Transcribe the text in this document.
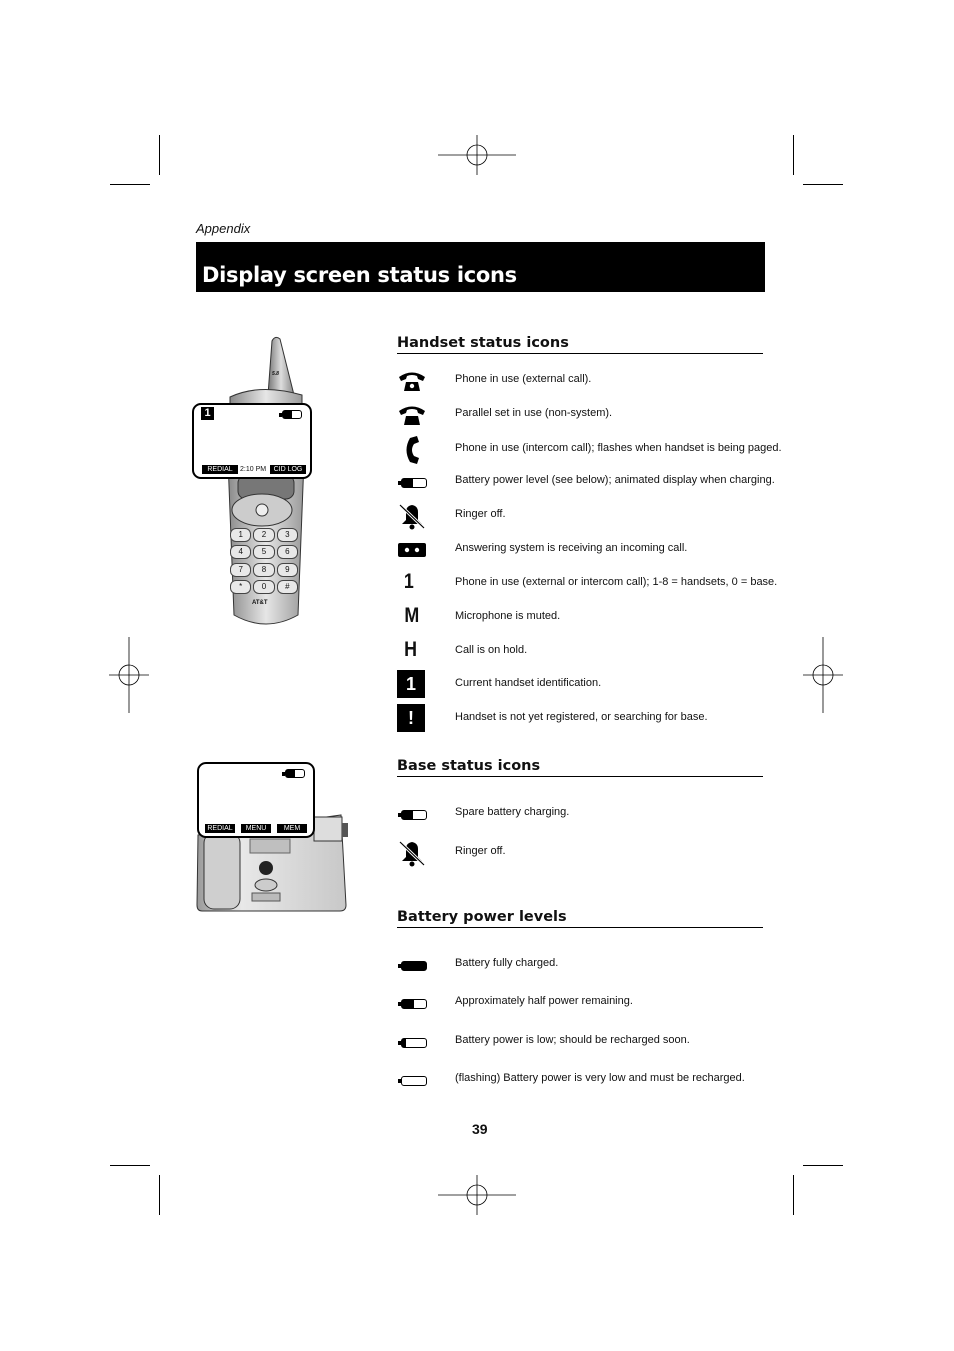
Appendix
Display screen status icons
5.8
1	2	3
4	5	6
7	8	9
*	0	#
AT&T
1
REDIAL	2:10 PM	CID LOG
REDIAL	MENU	MEM
Handset status icons
Phone in use (external call).
Parallel set in use (non-system).
Phone in use (intercom call); flashes when handset is being paged.
Battery power level (see below); animated display when charging.
Ringer off.
Answering system is receiving an incoming call.
1	Phone in use (external or intercom call); 1-8 = handsets, 0 = base.
M	Microphone is muted.
H	Call is on hold.
1	Current handset identification.
!	Handset is not yet registered, or searching for base.
Base status icons
Spare battery charging.
Ringer off.
Battery power levels
Battery fully charged.
Approximately half power remaining.
Battery power is low; should be recharged soon.
(flashing) Battery power is very low and must be recharged.
39
